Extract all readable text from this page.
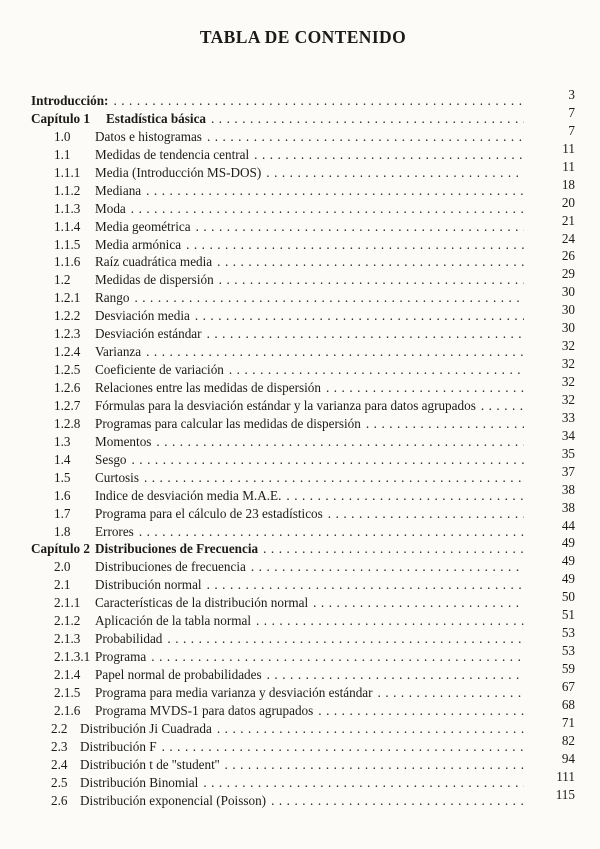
TABLA DE CONTENIDO
Introducción: . . .	3
Capítulo 1	Estadística básica . . .	7
1.0	Datos e histogramas . . .	7
1.1	Medidas de tendencia central . . .	11
1.1.1	Media (Introducción MS-DOS) . . .	11
1.1.2	Mediana . . .	18
1.1.3	Moda . . .	20
1.1.4	Media geométrica . . .	21
1.1.5	Media armónica . . .	24
1.1.6	Raíz cuadrática media . . .	26
1.2	Medidas de dispersión . . .	29
1.2.1	Rango . . .	30
1.2.2	Desviación media . . .	30
1.2.3	Desviación estándar . . .	30
1.2.4	Varianza . . .	32
1.2.5	Coeficiente de variación . . .	32
1.2.6	Relaciones entre las medidas de dispersión . . .	32
1.2.7	Fórmulas para la desviación estándar y la varianza para datos agrupados . . .	32
1.2.8	Programas para calcular las medidas de dispersión . . .	33
1.3	Momentos . . .	34
1.4	Sesgo . . .	35
1.5	Curtosis . . .	37
1.6	Indice de desviación media M.A.E. . . .	38
1.7	Programa para el cálculo de 23 estadísticos . . .	38
1.8	Errores . . .	44
Capítulo 2 Distribuciones de Frecuencia . . .	49
2.0	Distribuciones de frecuencia . . .	49
2.1	Distribución normal . . .	49
2.1.1	Características de la distribución normal . . .	50
2.1.2	Aplicación de la tabla normal . . .	51
2.1.3	Probabilidad . . .	53
2.1.3.1 Programa . . .	53
2.1.4	Papel normal de probabilidades . . .	59
2.1.5	Programa para media varianza y desviación estándar . . .	67
2.1.6	Programa MVDS-1 para datos agrupados . . .	68
2.2 Distribución Ji Cuadrada . . .	71
2.3 Distribución F . . .	82
2.4 Distribución t de ''student'' . . .	94
2.5 Distribución Binomial . . .	111
2.6 Distribución exponencial (Poisson) . . .	115
